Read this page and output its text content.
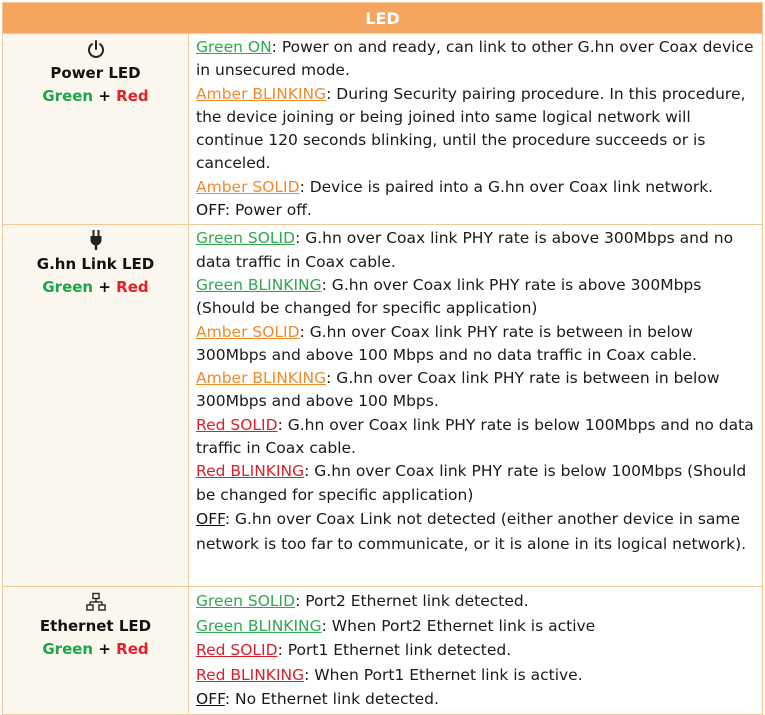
LED
Power LED
Green + Red
Green ON: Power on and ready, can link to other G.hn over Coax device in unsecured mode.
Amber BLINKING: During Security pairing procedure. In this procedure, the device joining or being joined into same logical network will continue 120 seconds blinking, until the procedure succeeds or is canceled.
Amber SOLID: Device is paired into a G.hn over Coax link network.
OFF: Power off.
G.hn Link LED
Green + Red
Green SOLID: G.hn over Coax link PHY rate is above 300Mbps and no data traffic in Coax cable.
Green BLINKING: G.hn over Coax link PHY rate is above 300Mbps (Should be changed for specific application)
Amber SOLID: G.hn over Coax link PHY rate is between in below 300Mbps and above 100 Mbps and no data traffic in Coax cable.
Amber BLINKING: G.hn over Coax link PHY rate is between in below 300Mbps and above 100 Mbps.
Red SOLID: G.hn over Coax link PHY rate is below 100Mbps and no data traffic in Coax cable.
Red BLINKING: G.hn over Coax link PHY rate is below 100Mbps (Should be changed for specific application)
OFF: G.hn over Coax Link not detected (either another device in same network is too far to communicate, or it is alone in its logical network).
Ethernet LED
Green + Red
Green SOLID: Port2 Ethernet link detected.
Green BLINKING: When Port2 Ethernet link is active
Red SOLID: Port1 Ethernet link detected.
Red BLINKING: When Port1 Ethernet link is active.
OFF: No Ethernet link detected.
